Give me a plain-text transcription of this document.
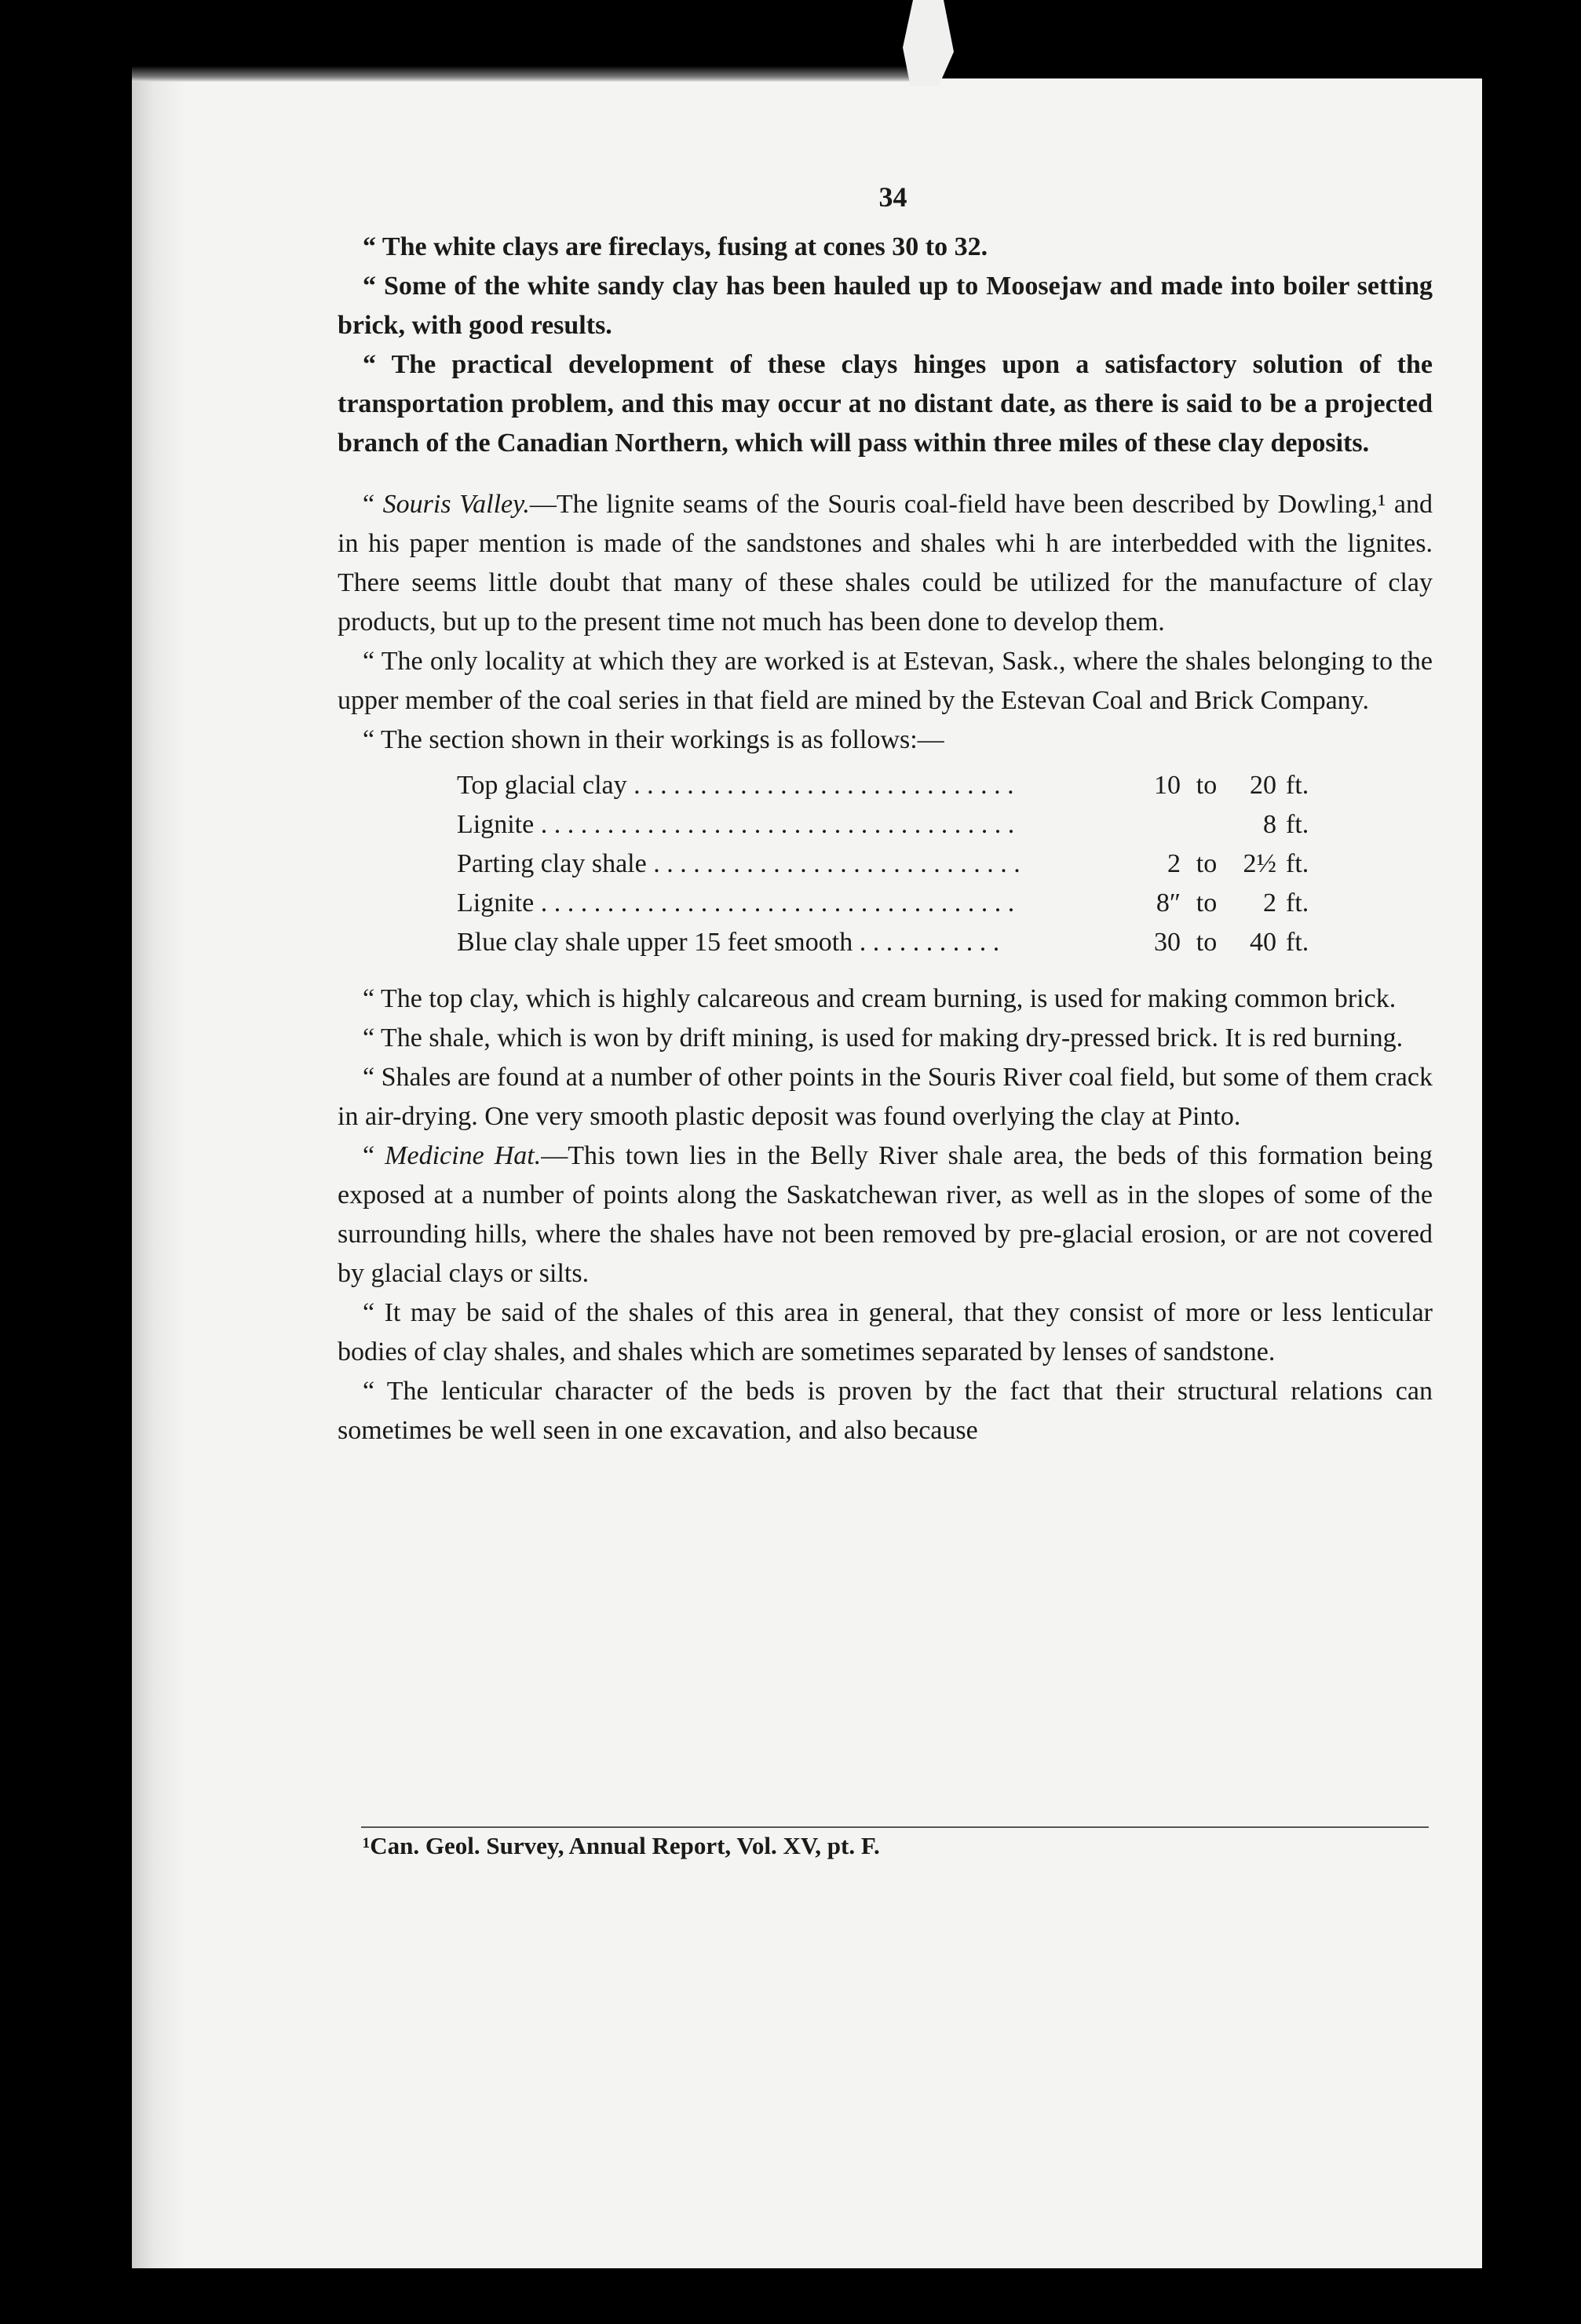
34

“ The white clays are fireclays, fusing at cones 30 to 32.

“ Some of the white sandy clay has been hauled up to Moosejaw and made into boiler setting brick, with good results.

“ The practical development of these clays hinges upon a satisfactory solution of the transportation problem, and this may occur at no distant date, as there is said to be a projected branch of the Canadian Northern, which will pass within three miles of these clay deposits.

“ Souris Valley.—The lignite seams of the Souris coal-field have been described by Dowling,¹ and in his paper mention is made of the sandstones and shales whi h are interbedded with the lignites. There seems little doubt that many of these shales could be utilized for the manufacture of clay products, but up to the present time not much has been done to develop them.

“ The only locality at which they are worked is at Estevan, Sask., where the shales belonging to the upper member of the coal series in that field are mined by the Estevan Coal and Brick Company.

“ The section shown in their workings is as follows:—

Top glacial clay . . . . . . . . . . . . . . . . . . . . . . . . . . . . .	10 to	20 ft.
Lignite . . . . . . . . . . . . . . . . . . . . . . . . . . . . . . . . . . . .	8 ft.
Parting clay shale . . . . . . . . . . . . . . . . . . . . . . . . . . . .	2 to 2½ ft.
Lignite . . . . . . . . . . . . . . . . . . . . . . . . . . . . . . . . . . . .	8″ to	2 ft.
Blue clay shale upper 15 feet smooth . . . . . . . . . . .	30 to	40 ft.

“ The top clay, which is highly calcareous and cream burning, is used for making common brick.

“ The shale, which is won by drift mining, is used for making dry-pressed brick. It is red burning.

“ Shales are found at a number of other points in the Souris River coal field, but some of them crack in air-drying. One very smooth plastic deposit was found overlying the clay at Pinto.

“ Medicine Hat.—This town lies in the Belly River shale area, the beds of this formation being exposed at a number of points along the Saskatchewan river, as well as in the slopes of some of the surrounding hills, where the shales have not been removed by pre-glacial erosion, or are not covered by glacial clays or silts.

“ It may be said of the shales of this area in general, that they consist of more or less lenticular bodies of clay shales, and shales which are sometimes separated by lenses of sandstone.

“ The lenticular character of the beds is proven by the fact that their structural relations can sometimes be well seen in one excavation, and also because

¹Can. Geol. Survey, Annual Report, Vol. XV, pt. F.
